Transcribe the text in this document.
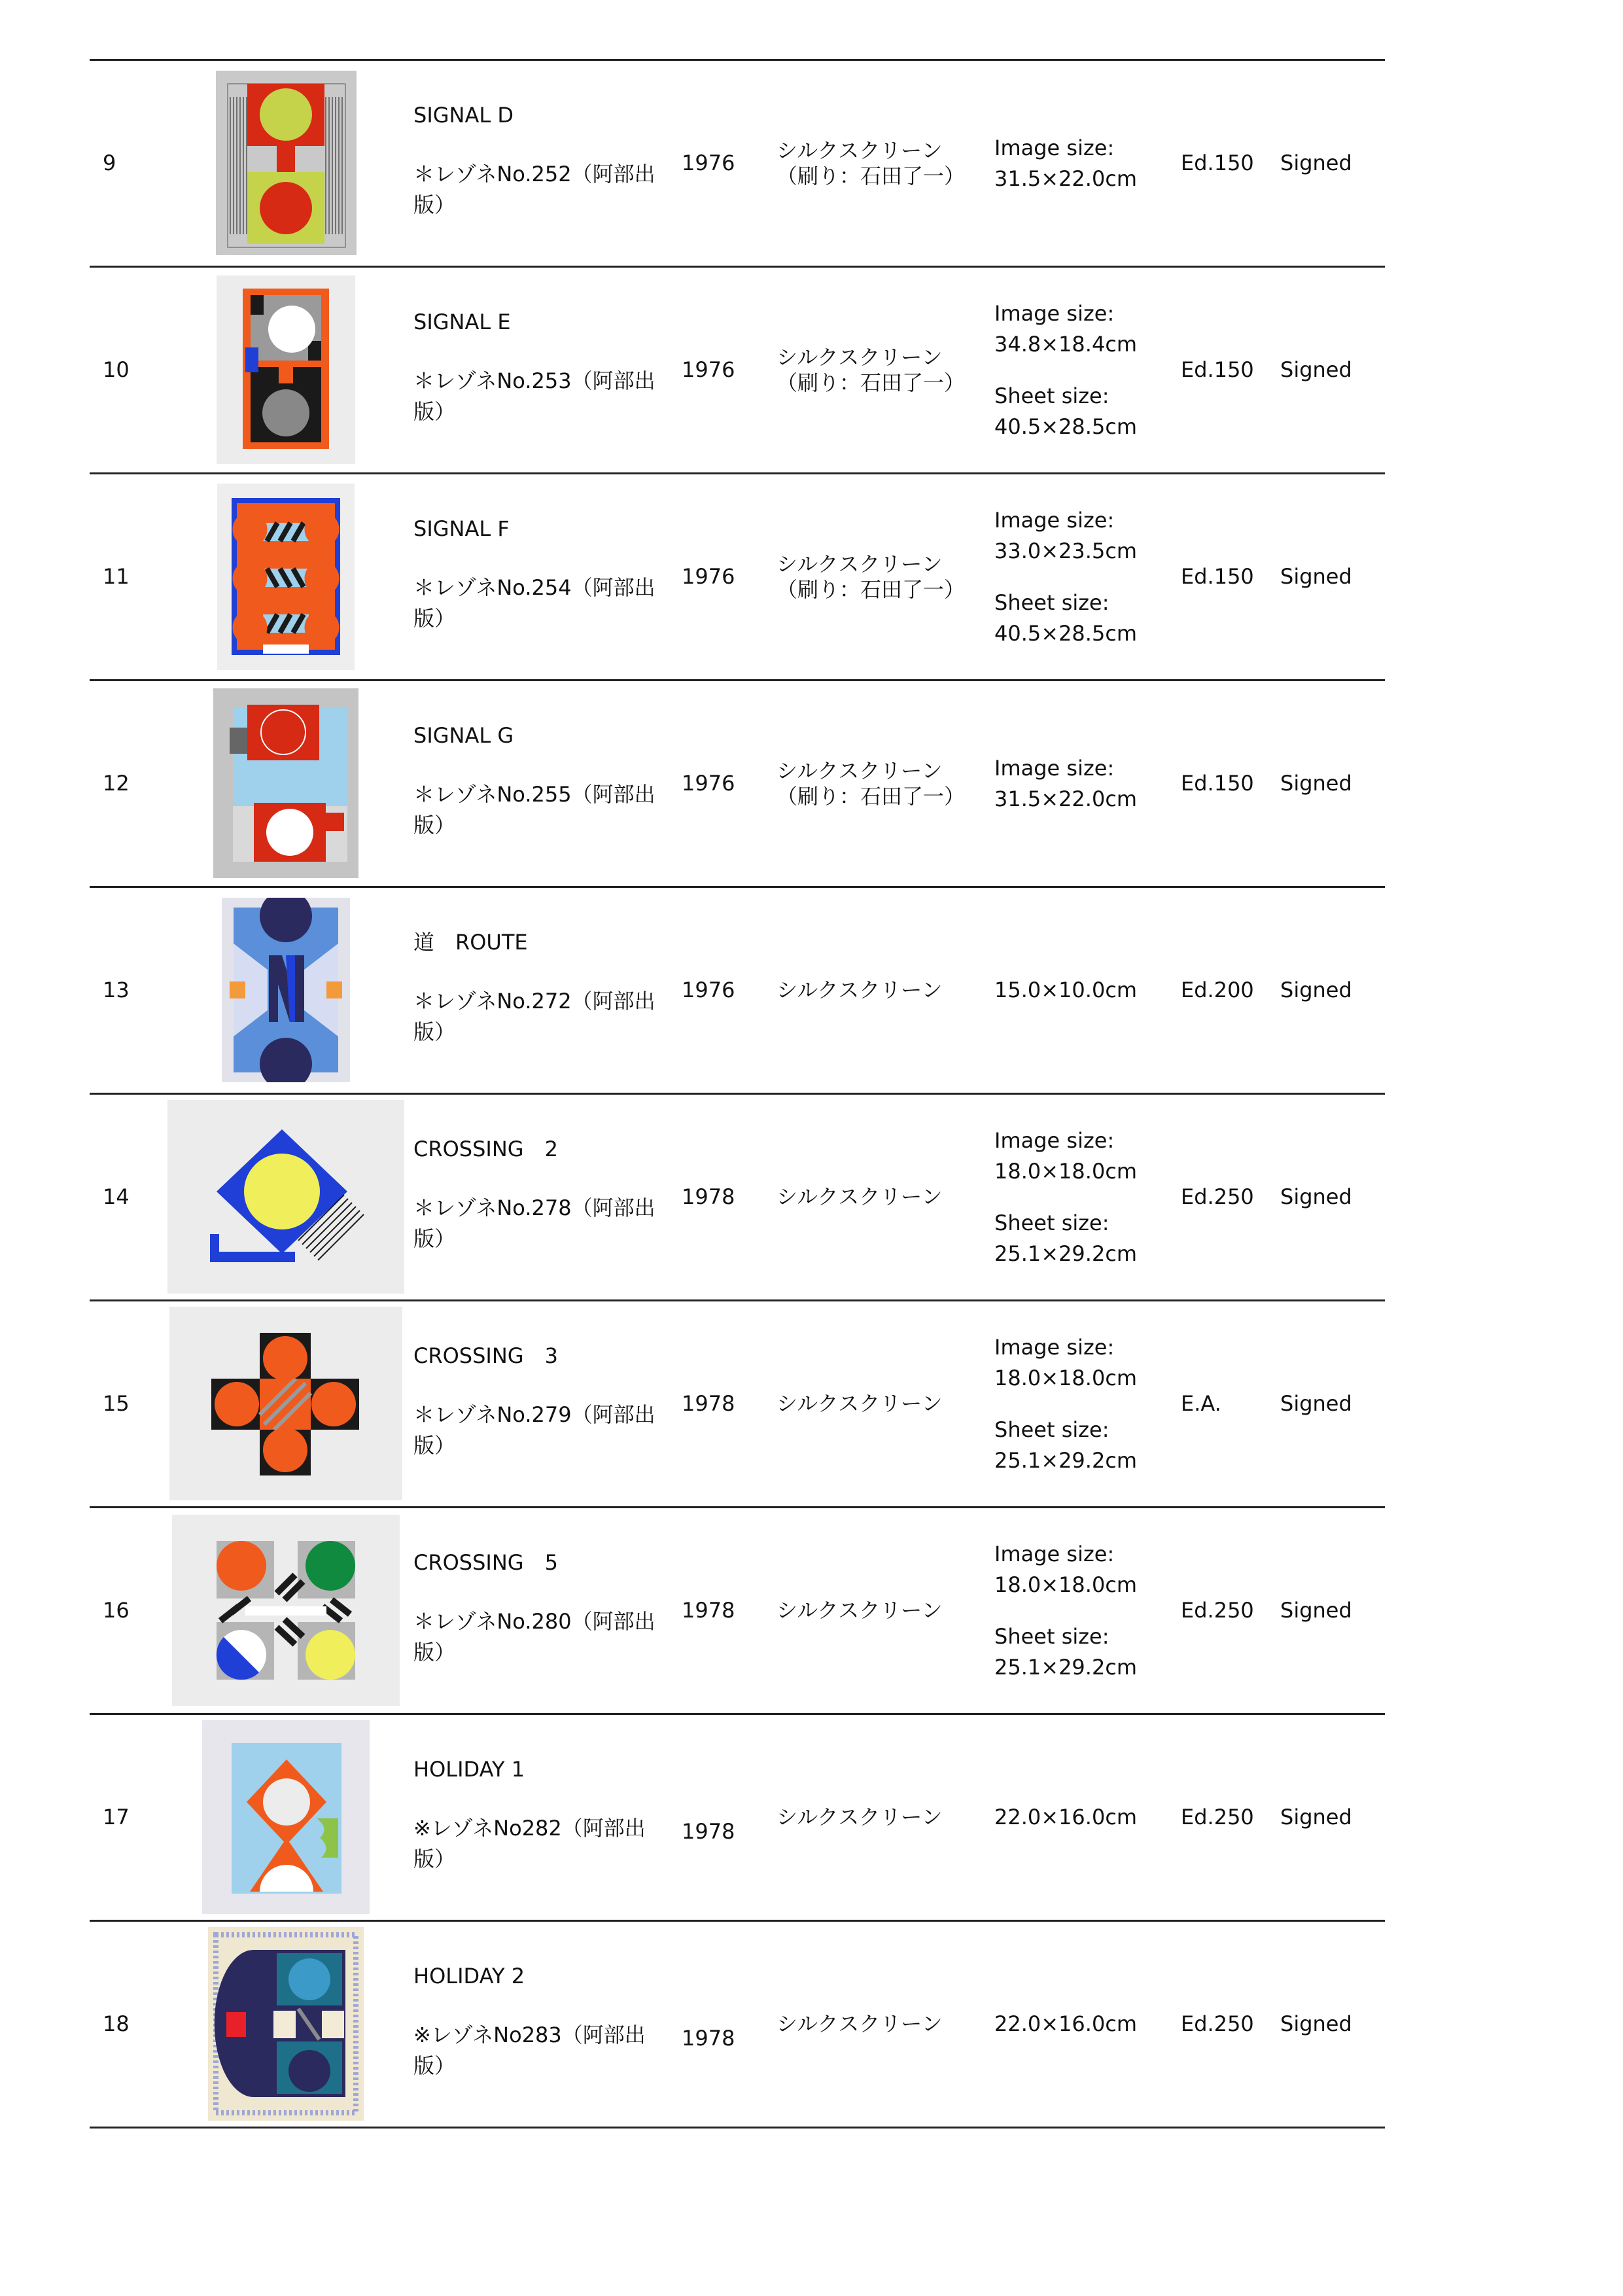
9
SIGNAL D
＊レゾネNo.252（阿部出版）
1976
シルクスクリーン
（刷り：石田了一）
Image size:
31.5×22.0cm
Ed.150 Signed
10
SIGNAL E
＊レゾネNo.253（阿部出版）
1976
シルクスクリーン
（刷り：石田了一）
Image size:
34.8×18.4cm
Sheet size:
40.5×28.5cm
Ed.150 Signed
11
SIGNAL F
＊レゾネNo.254（阿部出版）
1976
シルクスクリーン
（刷り：石田了一）
Image size:
33.0×23.5cm
Sheet size:
40.5×28.5cm
Ed.150 Signed
12
SIGNAL G
＊レゾネNo.255（阿部出版）
1976
シルクスクリーン
（刷り：石田了一）
Image size:
31.5×22.0cm
Ed.150 Signed
13
道　ROUTE
＊レゾネNo.272（阿部出版）
1976 シルクスクリーン 15.0×10.0cm Ed.200 Signed
14
CROSSING　2
＊レゾネNo.278（阿部出版）
1978 シルクスクリーン
Image size:
18.0×18.0cm
Sheet size:
25.1×29.2cm
Ed.250 Signed
15
CROSSING　3
＊レゾネNo.279（阿部出版）
1978 シルクスクリーン
Image size:
18.0×18.0cm
Sheet size:
25.1×29.2cm
E.A.	Signed
16
CROSSING　5
＊レゾネNo.280（阿部出版）
1978 シルクスクリーン
Image size:
18.0×18.0cm
Sheet size:
25.1×29.2cm
Ed.250 Signed
17
HOLIDAY 1
※レゾネNo282（阿部出版）
1978
シルクスクリーン 22.0×16.0cm Ed.250 Signed
18
HOLIDAY 2
※レゾネNo283（阿部出版）
1978
シルクスクリーン 22.0×16.0cm Ed.250 Signed
